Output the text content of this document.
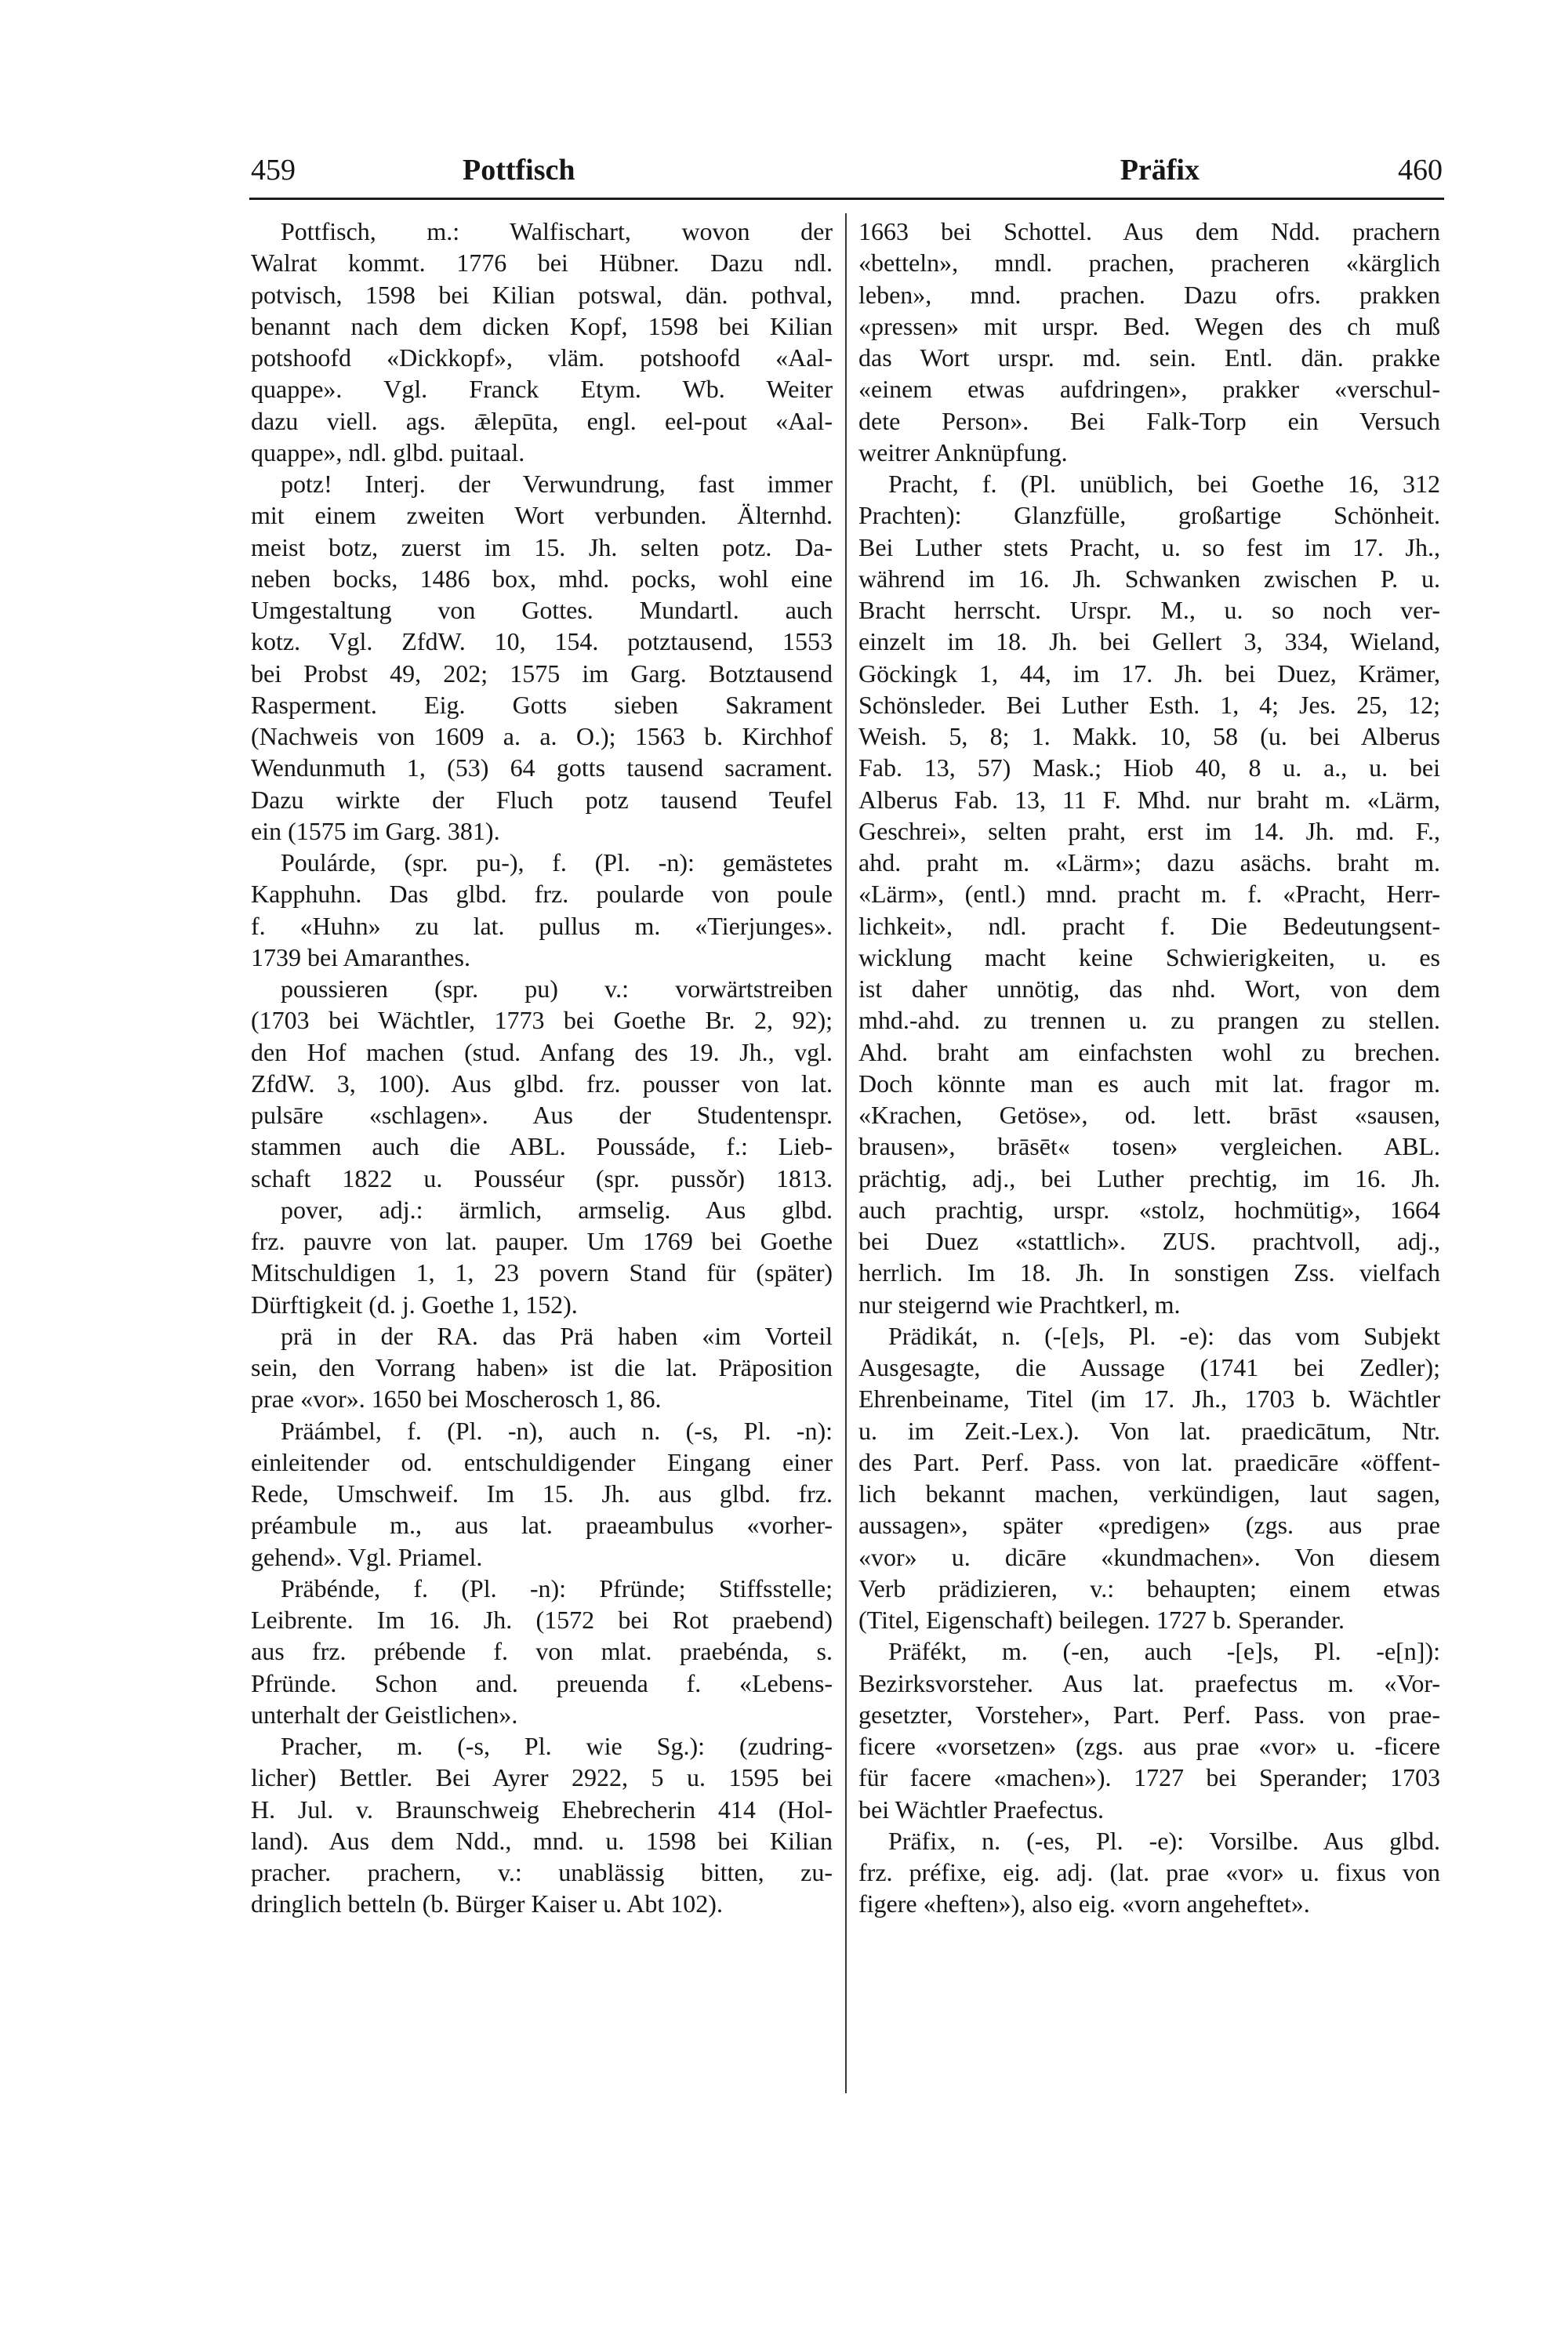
459	Pottfisch	Präfix	460
Pottfisch, m.: Walfischart, wovon der
Walrat kommt. 1776 bei Hübner. Dazu ndl.
potvisch, 1598 bei Kilian potswal, dän. pothval,
benannt nach dem dicken Kopf, 1598 bei Kilian
potshoofd «Dickkopf», vläm. potshoofd «Aal-
quappe». Vgl. Franck Etym. Wb. Weiter
dazu viell. ags. ǣlepūta, engl. eel-pout «Aal-
quappe», ndl. glbd. puitaal.
potz! Interj. der Verwundrung, fast immer
mit einem zweiten Wort verbunden. Älternhd.
meist botz, zuerst im 15. Jh. selten potz. Da-
neben bocks, 1486 box, mhd. pocks, wohl eine
Umgestaltung von Gottes. Mundartl. auch
kotz. Vgl. ZfdW. 10, 154. potztausend, 1553
bei Probst 49, 202; 1575 im Garg. Botztausend
Rasperment. Eig. Gotts sieben Sakrament
(Nachweis von 1609 a. a. O.); 1563 b. Kirchhof
Wendunmuth 1, (53) 64 gotts tausend sacrament.
Dazu wirkte der Fluch potz tausend Teufel
ein (1575 im Garg. 381).
Poulárde, (spr. pu-), f. (Pl. -n): gemästetes
Kapphuhn. Das glbd. frz. poularde von poule
f. «Huhn» zu lat. pullus m. «Tierjunges».
1739 bei Amaranthes.
poussieren (spr. pu) v.: vorwärtstreiben
(1703 bei Wächtler, 1773 bei Goethe Br. 2, 92);
den Hof machen (stud. Anfang des 19. Jh., vgl.
ZfdW. 3, 100). Aus glbd. frz. pousser von lat.
pulsāre «schlagen». Aus der Studentenspr.
stammen auch die ABL. Poussáde, f.: Lieb-
schaft 1822 u. Pousséur (spr. pussǒr) 1813.
pover, adj.: ärmlich, armselig. Aus glbd.
frz. pauvre von lat. pauper. Um 1769 bei Goethe
Mitschuldigen 1, 1, 23 povern Stand für (später)
Dürftigkeit (d. j. Goethe 1, 152).
prä in der RA. das Prä haben «im Vorteil
sein, den Vorrang haben» ist die lat. Präposition
prae «vor». 1650 bei Moscherosch 1, 86.
Präámbel, f. (Pl. -n), auch n. (-s, Pl. -n):
einleitender od. entschuldigender Eingang einer
Rede, Umschweif. Im 15. Jh. aus glbd. frz.
préambule m., aus lat. praeambulus «vorher-
gehend». Vgl. Priamel.
Präbénde, f. (Pl. -n): Pfründe; Stiffsstelle;
Leibrente. Im 16. Jh. (1572 bei Rot praebend)
aus frz. prébende f. von mlat. praebénda, s.
Pfründe. Schon and. preuenda f. «Lebens-
unterhalt der Geistlichen».
Pracher, m. (-s, Pl. wie Sg.): (zudring-
licher) Bettler. Bei Ayrer 2922, 5 u. 1595 bei
H. Jul. v. Braunschweig Ehebrecherin 414 (Hol-
land). Aus dem Ndd., mnd. u. 1598 bei Kilian
pracher. prachern, v.: unablässig bitten, zu-
dringlich betteln (b. Bürger Kaiser u. Abt 102).
1663 bei Schottel. Aus dem Ndd. prachern
«betteln», mndl. prachen, pracheren «kärglich
leben», mnd. prachen. Dazu ofrs. prakken
«pressen» mit urspr. Bed. Wegen des ch muß
das Wort urspr. md. sein. Entl. dän. prakke
«einem etwas aufdringen», prakker «verschul-
dete Person». Bei Falk-Torp ein Versuch
weitrer Anknüpfung.
Pracht, f. (Pl. unüblich, bei Goethe 16, 312
Prachten): Glanzfülle, großartige Schönheit.
Bei Luther stets Pracht, u. so fest im 17. Jh.,
während im 16. Jh. Schwanken zwischen P. u.
Bracht herrscht. Urspr. M., u. so noch ver-
einzelt im 18. Jh. bei Gellert 3, 334, Wieland,
Göckingk 1, 44, im 17. Jh. bei Duez, Krämer,
Schönsleder. Bei Luther Esth. 1, 4; Jes. 25, 12;
Weish. 5, 8; 1. Makk. 10, 58 (u. bei Alberus
Fab. 13, 57) Mask.; Hiob 40, 8 u. a., u. bei
Alberus Fab. 13, 11 F. Mhd. nur braht m. «Lärm,
Geschrei», selten praht, erst im 14. Jh. md. F.,
ahd. praht m. «Lärm»; dazu asächs. braht m.
«Lärm», (entl.) mnd. pracht m. f. «Pracht, Herr-
lichkeit», ndl. pracht f. Die Bedeutungsent-
wicklung macht keine Schwierigkeiten, u. es
ist daher unnötig, das nhd. Wort, von dem
mhd.-ahd. zu trennen u. zu prangen zu stellen.
Ahd. braht am einfachsten wohl zu brechen.
Doch könnte man es auch mit lat. fragor m.
«Krachen, Getöse», od. lett. brāst «sausen,
brausen», brāsēt« tosen» vergleichen. ABL.
prächtig, adj., bei Luther prechtig, im 16. Jh.
auch prachtig, urspr. «stolz, hochmütig», 1664
bei Duez «stattlich». ZUS. prachtvoll, adj.,
herrlich. Im 18. Jh. In sonstigen Zss. vielfach
nur steigernd wie Prachtkerl, m.
Prädikát, n. (-[e]s, Pl. -e): das vom Subjekt
Ausgesagte, die Aussage (1741 bei Zedler);
Ehrenbeiname, Titel (im 17. Jh., 1703 b. Wächtler
u. im Zeit.-Lex.). Von lat. praedicātum, Ntr.
des Part. Perf. Pass. von lat. praedicāre «öffent-
lich bekannt machen, verkündigen, laut sagen,
aussagen», später «predigen» (zgs. aus prae
«vor» u. dicāre «kundmachen». Von diesem
Verb prädizieren, v.: behaupten; einem etwas
(Titel, Eigenschaft) beilegen. 1727 b. Sperander.
Präfékt, m. (-en, auch -[e]s, Pl. -e[n]):
Bezirksvorsteher. Aus lat. praefectus m. «Vor-
gesetzter, Vorsteher», Part. Perf. Pass. von prae-
ficere «vorsetzen» (zgs. aus prae «vor» u. -ficere
für facere «machen»). 1727 bei Sperander; 1703
bei Wächtler Praefectus.
Präfix, n. (-es, Pl. -e): Vorsilbe. Aus glbd.
frz. préfixe, eig. adj. (lat. prae «vor» u. fixus von
figere «heften»), also eig. «vorn angeheftet».
